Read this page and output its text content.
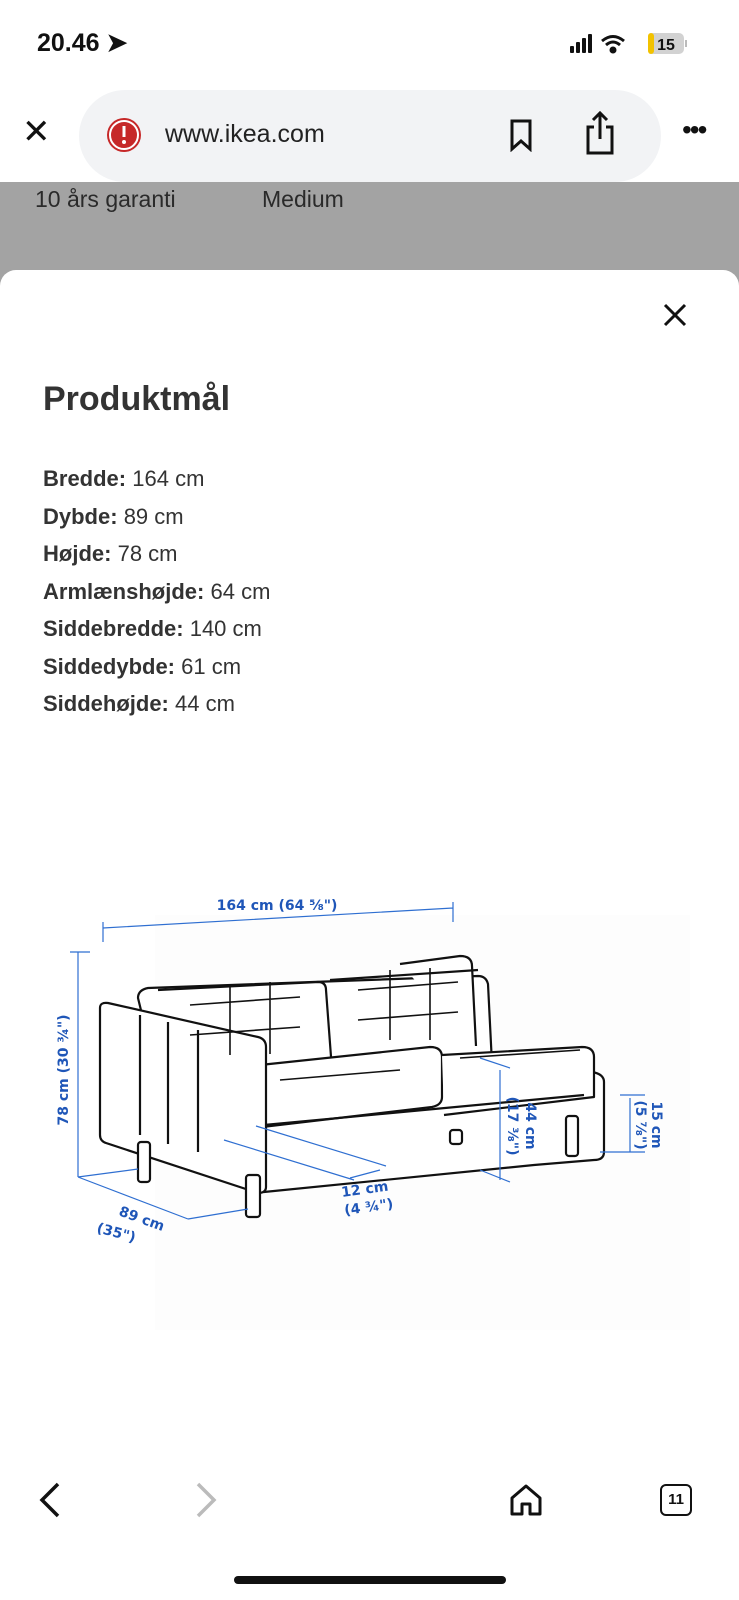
20.46 ➤	15
✕	www.ikea.com	•••
10 års garanti	Medium
Produktmål
Bredde: 164 cm
Dybde: 89 cm
Højde: 78 cm
Armlænshøjde: 64 cm
Siddebredde: 140 cm
Siddedybde: 61 cm
Siddehøjde: 44 cm
164 cm (64 ⅝")
78 cm (30 ¾")
89 cm
(35")
12 cm
(4 ¾")
44 cm
(17 ⅜")	15 cm
(5 ⅞")
11
